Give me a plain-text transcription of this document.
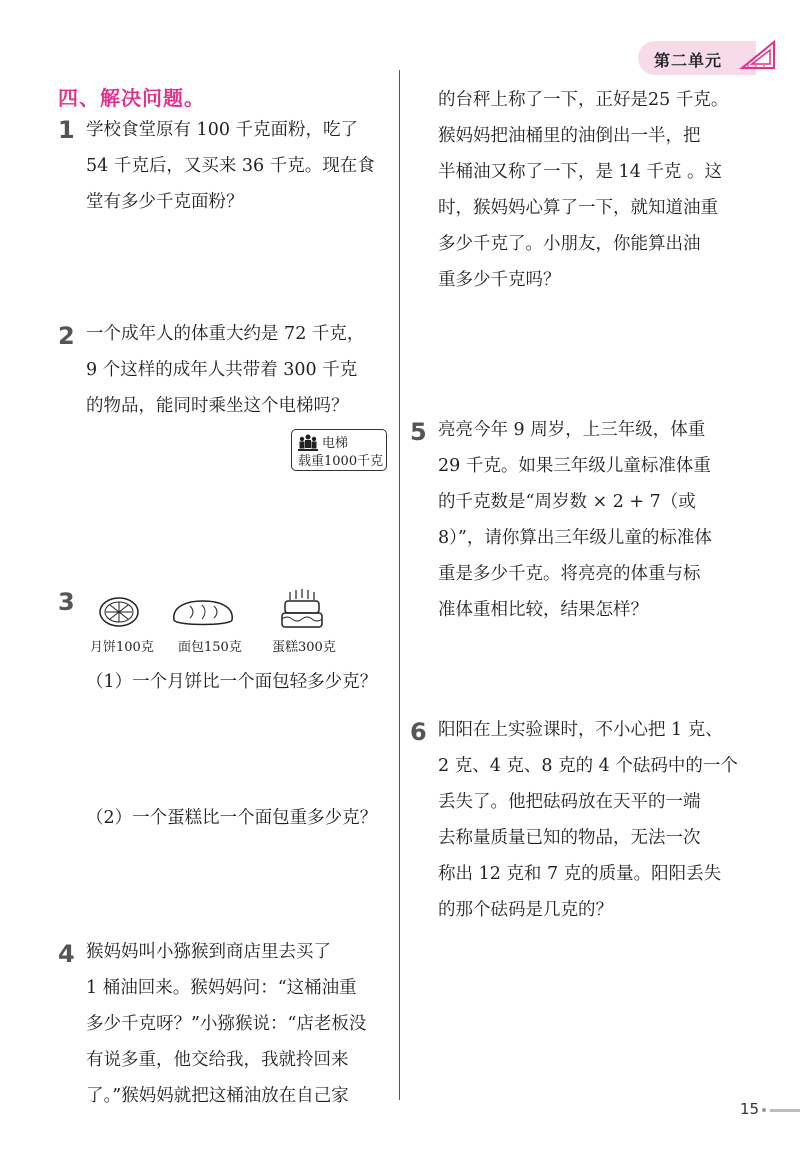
第二单元
四、解决问题。
1 学校食堂原有 100 千克面粉，吃了
54 千克后，又买来 36 千克。现在食
堂有多少千克面粉？
2 一个成年人的体重大约是 72 千克，
9 个这样的成年人共带着 300 千克
的物品，能同时乘坐这个电梯吗？
电梯
载重1000千克
3
月饼100克 面包150克 蛋糕300克
（1）一个月饼比一个面包轻多少克？
（2）一个蛋糕比一个面包重多少克？
4 猴妈妈叫小猕猴到商店里去买了
1 桶油回来。猴妈妈问：“这桶油重
多少千克呀？”小猕猴说：“店老板没
有说多重，他交给我，我就拎回来
了。”猴妈妈就把这桶油放在自己家
的台秤上称了一下，正好是25 千克。
猴妈妈把油桶里的油倒出一半，把
半桶油又称了一下，是 14 千克 。这
时，猴妈妈心算了一下，就知道油重
多少千克了。小朋友，你能算出油
重多少千克吗？
5 亮亮今年 9 周岁，上三年级，体重
29 千克。如果三年级儿童标准体重
的千克数是“周岁数 × 2 + 7（或
8）”，请你算出三年级儿童的标准体
重是多少千克。将亮亮的体重与标
准体重相比较，结果怎样？
6 阳阳在上实验课时，不小心把 1 克、
2 克、4 克、8 克的 4 个砝码中的一个
丢失了。他把砝码放在天平的一端
去称量质量已知的物品，无法一次
称出 12 克和 7 克的质量。阳阳丢失
的那个砝码是几克的？
15
